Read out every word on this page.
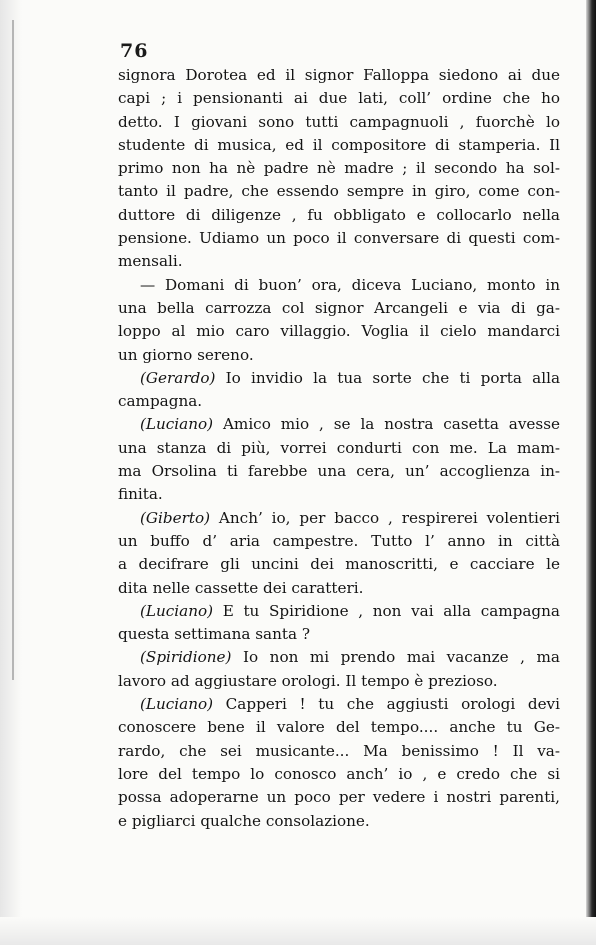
76
signora Dorotea ed il signor Falloppa siedono ai due
capi ; i pensionanti ai due lati, coll’ ordine che ho
detto. I giovani sono tutti campagnuoli , fuorchè lo
studente di musica, ed il compositore di stamperia. Il
primo non ha nè padre nè madre ; il secondo ha sol-
tanto il padre, che essendo sempre in giro, come con-
duttore di diligenze , fu obbligato e collocarlo nella
pensione. Udiamo un poco il conversare di questi com-
mensali.
— Domani di buon’ ora, diceva Luciano, monto in
una bella carrozza col signor Arcangeli e via di ga-
loppo al mio caro villaggio. Voglia il cielo mandarci
un giorno sereno.
(Gerardo) Io invidio la tua sorte che ti porta alla
campagna.
(Luciano) Amico mio , se la nostra casetta avesse
una stanza di più, vorrei condurti con me. La mam-
ma Orsolina ti farebbe una cera, un’ accoglienza in-
finita.
(Giberto) Anch’ io, per bacco , respirerei volentieri
un buffo d’ aria campestre. Tutto l’ anno in città
a decifrare gli uncini dei manoscritti, e cacciare le
dita nelle cassette dei caratteri.
(Luciano) E tu Spiridione , non vai alla campagna
questa settimana santa ?
(Spiridione) Io non mi prendo mai vacanze , ma
lavoro ad aggiustare orologi. Il tempo è prezioso.
(Luciano) Capperi ! tu che aggiusti orologi devi
conoscere bene il valore del tempo.... anche tu Ge-
rardo, che sei musicante... Ma benissimo ! Il va-
lore del tempo lo conosco anch’ io , e credo che si
possa adoperarne un poco per vedere i nostri parenti,
e pigliarci qualche consolazione.
